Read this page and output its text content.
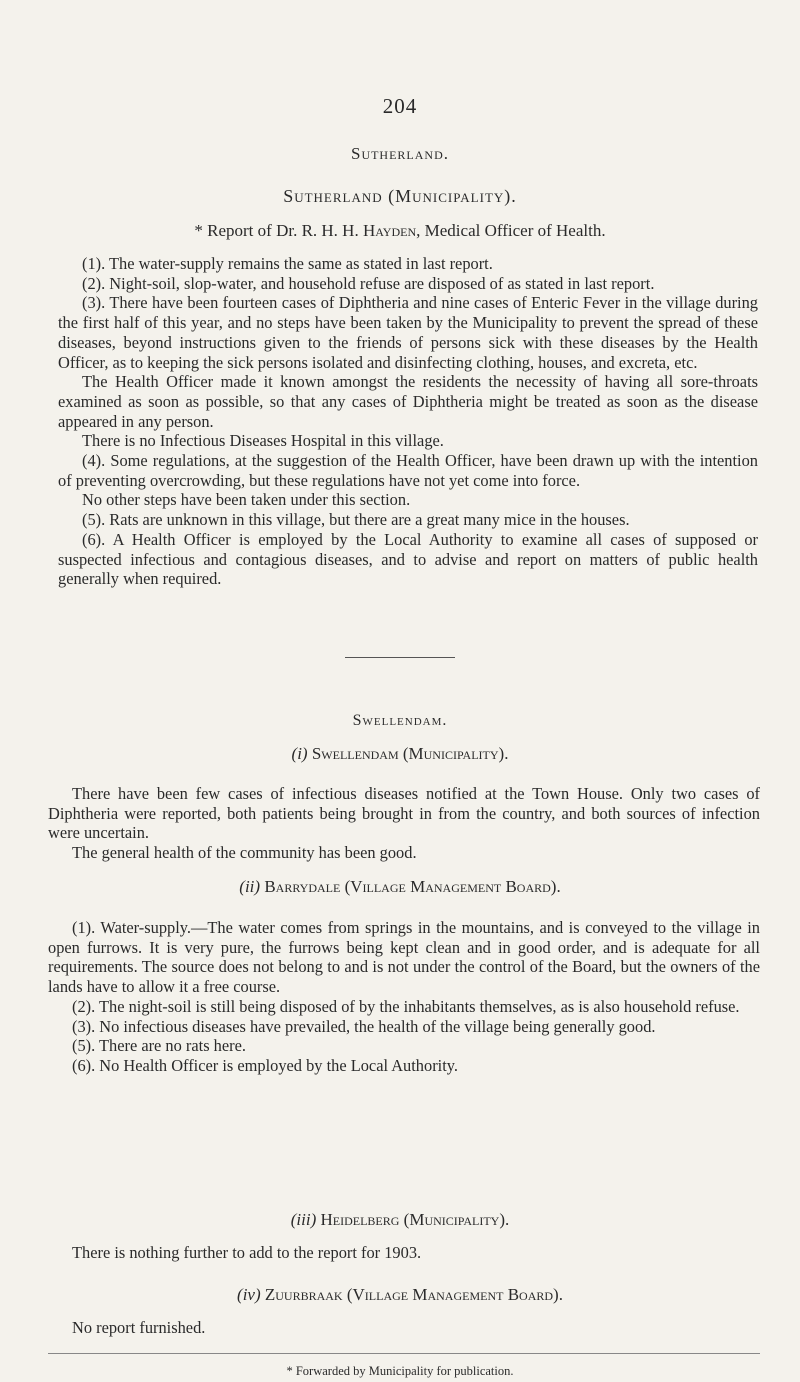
204
Sutherland.
Sutherland (Municipality).
* Report of Dr. R. H. H. Hayden, Medical Officer of Health.

(1). The water-supply remains the same as stated in last report.

(2). Night-soil, slop-water, and household refuse are disposed of as stated in last report.

(3). There have been fourteen cases of Diphtheria and nine cases of Enteric Fever in the village during the first half of this year, and no steps have been taken by the Municipality to prevent the spread of these diseases, beyond instructions given to the friends of persons sick with these diseases by the Health Officer, as to keeping the sick persons isolated and disinfecting clothing, houses, and excreta, etc.

The Health Officer made it known amongst the residents the necessity of having all sore-throats examined as soon as possible, so that any cases of Diphtheria might be treated as soon as the disease appeared in any person.

There is no Infectious Diseases Hospital in this village.

(4). Some regulations, at the suggestion of the Health Officer, have been drawn up with the intention of preventing overcrowding, but these regulations have not yet come into force.

No other steps have been taken under this section.

(5). Rats are unknown in this village, but there are a great many mice in the houses.

(6). A Health Officer is employed by the Local Authority to examine all cases of supposed or suspected infectious and contagious diseases, and to advise and report on matters of public health generally when required.

Swellendam.
(i) Swellendam (Municipality).

There have been few cases of infectious diseases notified at the Town House. Only two cases of Diphtheria were reported, both patients being brought in from the country, and both sources of infection were uncertain.

The general health of the community has been good.

(ii) Barrydale (Village Management Board).

(1). Water-supply.—The water comes from springs in the mountains, and is conveyed to the village in open furrows. It is very pure, the furrows being kept clean and in good order, and is adequate for all requirements. The source does not belong to and is not under the control of the Board, but the owners of the lands have to allow it a free course.

(2). The night-soil is still being disposed of by the inhabitants themselves, as is also household refuse.

(3). No infectious diseases have prevailed, the health of the village being generally good.

(5). There are no rats here.

(6). No Health Officer is employed by the Local Authority.

(iii) Heidelberg (Municipality).

There is nothing further to add to the report for 1903.

(iv) Zuurbraak (Village Management Board).

No report furnished.

* Forwarded by Municipality for publication.
